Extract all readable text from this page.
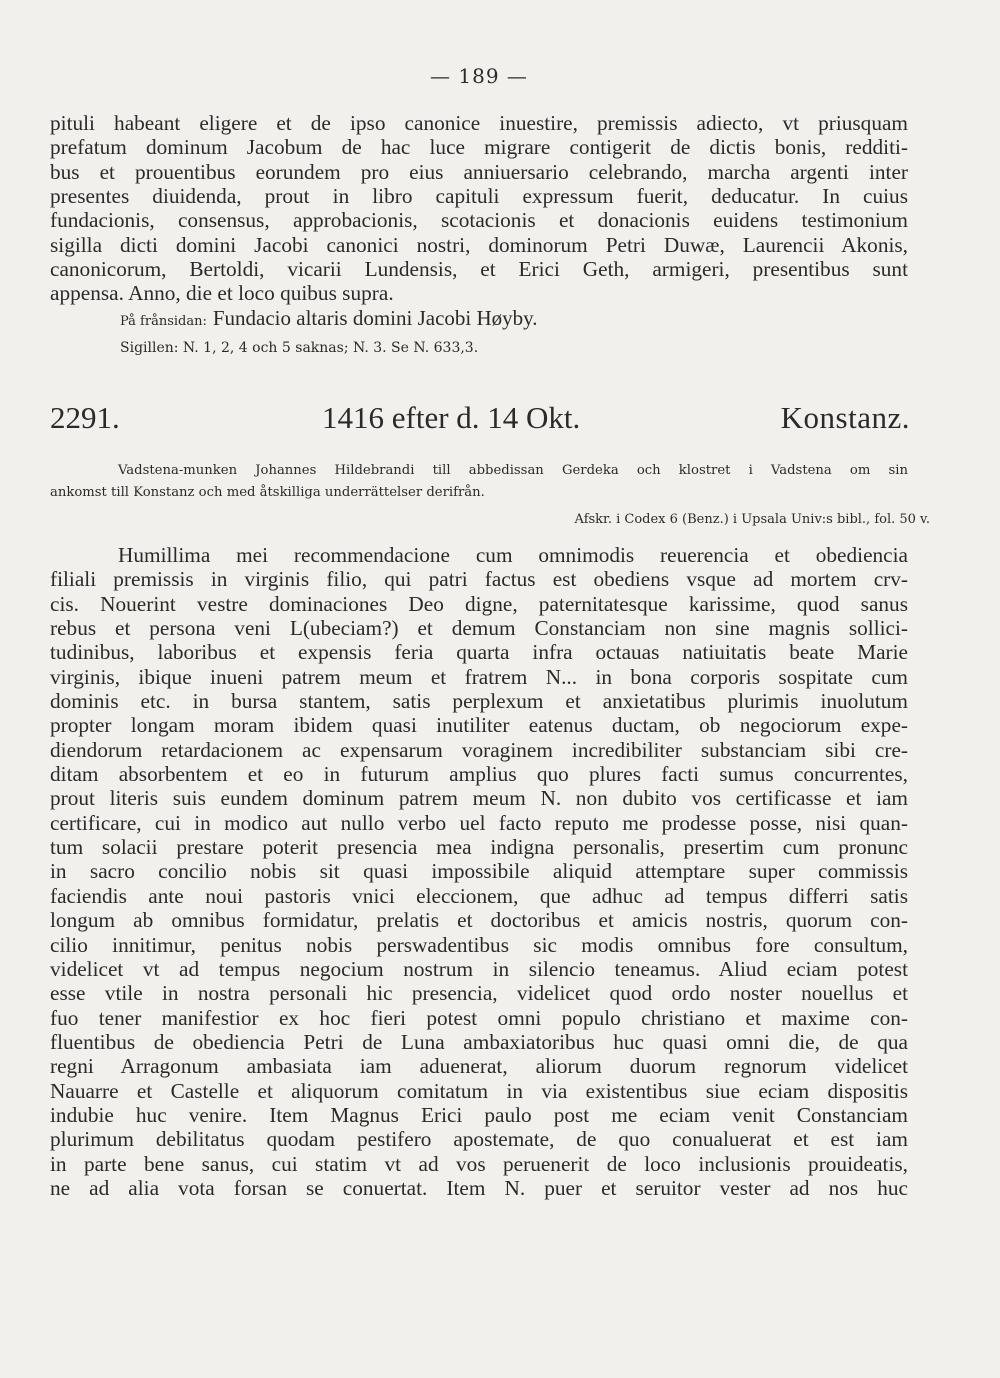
— 189 —
pituli habeant eligere et de ipso canonice inuestire, premissis adiecto, vt priusquam
prefatum dominum Jacobum de hac luce migrare contigerit de dictis bonis, redditi-
bus et prouentibus eorundem pro eius anniuersario celebrando, marcha argenti inter
presentes diuidenda, prout in libro capituli expressum fuerit, deducatur. In cuius
fundacionis, consensus, approbacionis, scotacionis et donacionis euidens testimonium
sigilla dicti domini Jacobi canonici nostri, dominorum Petri Duwæ, Laurencii Akonis,
canonicorum, Bertoldi, vicarii Lundensis, et Erici Geth, armigeri, presentibus sunt
appensa. Anno, die et loco quibus supra.
På frånsidan: Fundacio altaris domini Jacobi Høyby.
Sigillen: N. 1, 2, 4 och 5 saknas; N. 3. Se N. 633,3.
2291.	1416 efter d. 14 Okt.	Konstanz.
Vadstena-munken Johannes Hildebrandi till abbedissan Gerdeka och klostret i Vadstena om sin
ankomst till Konstanz och med åtskilliga underrättelser derifrån.
Afskr. i Codex 6 (Benz.) i Upsala Univ:s bibl., fol. 50 v.
Humillima mei recommendacione cum omnimodis reuerencia et obediencia
filiali premissis in virginis filio, qui patri factus est obediens vsque ad mortem crv-
cis. Nouerint vestre dominaciones Deo digne, paternitatesque karissime, quod sanus
rebus et persona veni L(ubeciam?) et demum Constanciam non sine magnis sollici-
tudinibus, laboribus et expensis feria quarta infra octauas natiuitatis beate Marie
virginis, ibique inueni patrem meum et fratrem N... in bona corporis sospitate cum
dominis etc. in bursa stantem, satis perplexum et anxietatibus plurimis inuolutum
propter longam moram ibidem quasi inutiliter eatenus ductam, ob negociorum expe-
diendorum retardacionem ac expensarum voraginem incredibiliter substanciam sibi cre-
ditam absorbentem et eo in futurum amplius quo plures facti sumus concurrentes,
prout literis suis eundem dominum patrem meum N. non dubito vos certificasse et iam
certificare, cui in modico aut nullo verbo uel facto reputo me prodesse posse, nisi quan-
tum solacii prestare poterit presencia mea indigna personalis, presertim cum pronunc
in sacro concilio nobis sit quasi impossibile aliquid attemptare super commissis
faciendis ante noui pastoris vnici eleccionem, que adhuc ad tempus differri satis
longum ab omnibus formidatur, prelatis et doctoribus et amicis nostris, quorum con-
cilio innitimur, penitus nobis perswadentibus sic modis omnibus fore consultum,
videlicet vt ad tempus negocium nostrum in silencio teneamus. Aliud eciam potest
esse vtile in nostra personali hic presencia, videlicet quod ordo noster nouellus et
fuo tener manifestior ex hoc fieri potest omni populo christiano et maxime con-
fluentibus de obediencia Petri de Luna ambaxiatoribus huc quasi omni die, de qua
regni Arragonum ambasiata iam aduenerat, aliorum duorum regnorum videlicet
Nauarre et Castelle et aliquorum comitatum in via existentibus siue eciam dispositis
indubie huc venire. Item Magnus Erici paulo post me eciam venit Constanciam
plurimum debilitatus quodam pestifero apostemate, de quo conualuerat et est iam
in parte bene sanus, cui statim vt ad vos peruenerit de loco inclusionis prouideatis,
ne ad alia vota forsan se conuertat. Item N. puer et seruitor vester ad nos huc
